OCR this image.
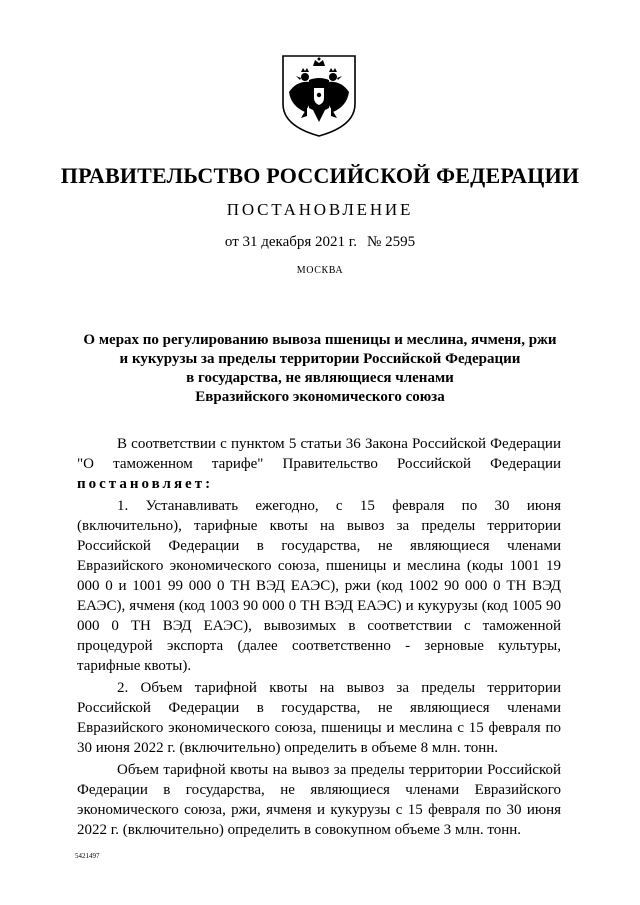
ПРАВИТЕЛЬСТВО РОССИЙСКОЙ ФЕДЕРАЦИИ
ПОСТАНОВЛЕНИЕ
от 31 декабря 2021 г. № 2595
МОСКВА
О мерах по регулированию вывоза пшеницы и меслина, ячменя, ржи
и кукурузы за пределы территории Российской Федерации
в государства, не являющиеся членами
Евразийского экономического союза

В соответствии с пунктом 5 статьи 36 Закона Российской Федерации "О таможенном тарифе" Правительство Российской Федерации постановляет:

1. Устанавливать ежегодно, с 15 февраля по 30 июня (включительно), тарифные квоты на вывоз за пределы территории Российской Федерации в государства, не являющиеся членами Евразийского экономического союза, пшеницы и меслина (коды 1001 19 000 0 и 1001 99 000 0 ТН ВЭД ЕАЭС), ржи (код 1002 90 000 0 ТН ВЭД ЕАЭС), ячменя (код 1003 90 000 0 ТН ВЭД ЕАЭС) и кукурузы (код 1005 90 000 0 ТН ВЭД ЕАЭС), вывозимых в соответствии с таможенной процедурой экспорта (далее соответственно - зерновые культуры, тарифные квоты).

2. Объем тарифной квоты на вывоз за пределы территории Российской Федерации в государства, не являющиеся членами Евразийского экономического союза, пшеницы и меслина с 15 февраля по 30 июня 2022 г. (включительно) определить в объеме 8 млн. тонн.

Объем тарифной квоты на вывоз за пределы территории Российской Федерации в государства, не являющиеся членами Евразийского экономического союза, ржи, ячменя и кукурузы с 15 февраля по 30 июня 2022 г. (включительно) определить в совокупном объеме 3 млн. тонн.

5421497
